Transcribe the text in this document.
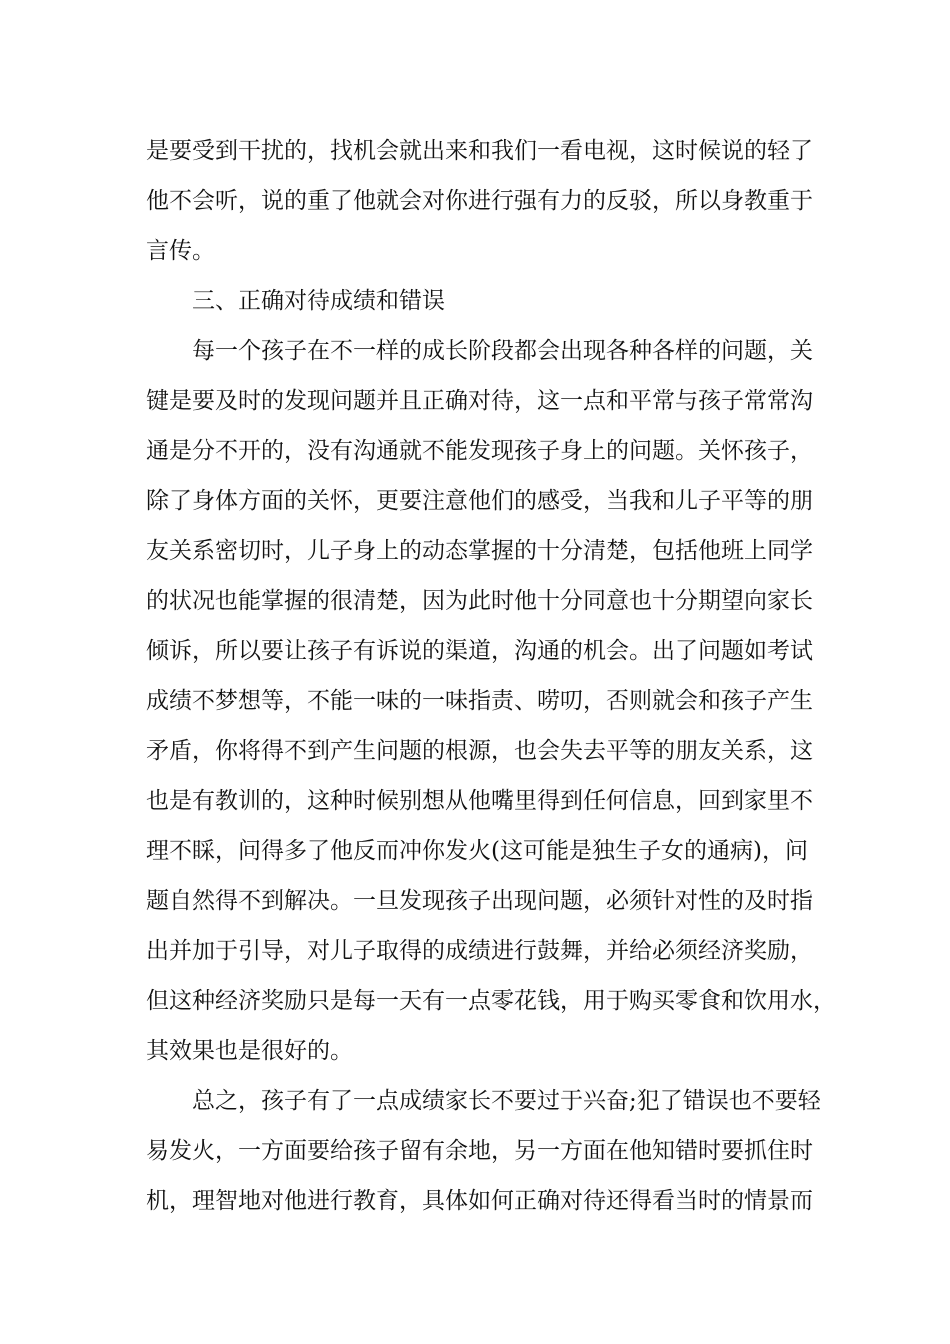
是要受到干扰的，找机会就出来和我们一看电视，这时候说的轻了
他不会听，说的重了他就会对你进行强有力的反驳，所以身教重于
言传。
三、正确对待成绩和错误
每一个孩子在不一样的成长阶段都会出现各种各样的问题，关
键是要及时的发现问题并且正确对待，这一点和平常与孩子常常沟
通是分不开的，没有沟通就不能发现孩子身上的问题。关怀孩子，
除了身体方面的关怀，更要注意他们的感受，当我和儿子平等的朋
友关系密切时，儿子身上的动态掌握的十分清楚，包括他班上同学
的状况也能掌握的很清楚，因为此时他十分同意也十分期望向家长
倾诉，所以要让孩子有诉说的渠道，沟通的机会。出了问题如考试
成绩不梦想等，不能一味的一味指责、唠叨，否则就会和孩子产生
矛盾，你将得不到产生问题的根源，也会失去平等的朋友关系，这
也是有教训的，这种时候别想从他嘴里得到任何信息，回到家里不
理不睬，问得多了他反而冲你发火(这可能是独生子女的通病)，问
题自然得不到解决。一旦发现孩子出现问题，必须针对性的及时指
出并加于引导，对儿子取得的成绩进行鼓舞，并给必须经济奖励，
但这种经济奖励只是每一天有一点零花钱，用于购买零食和饮用水，
其效果也是很好的。
总之，孩子有了一点成绩家长不要过于兴奋;犯了错误也不要轻
易发火，一方面要给孩子留有余地，另一方面在他知错时要抓住时
机，理智地对他进行教育，具体如何正确对待还得看当时的情景而
